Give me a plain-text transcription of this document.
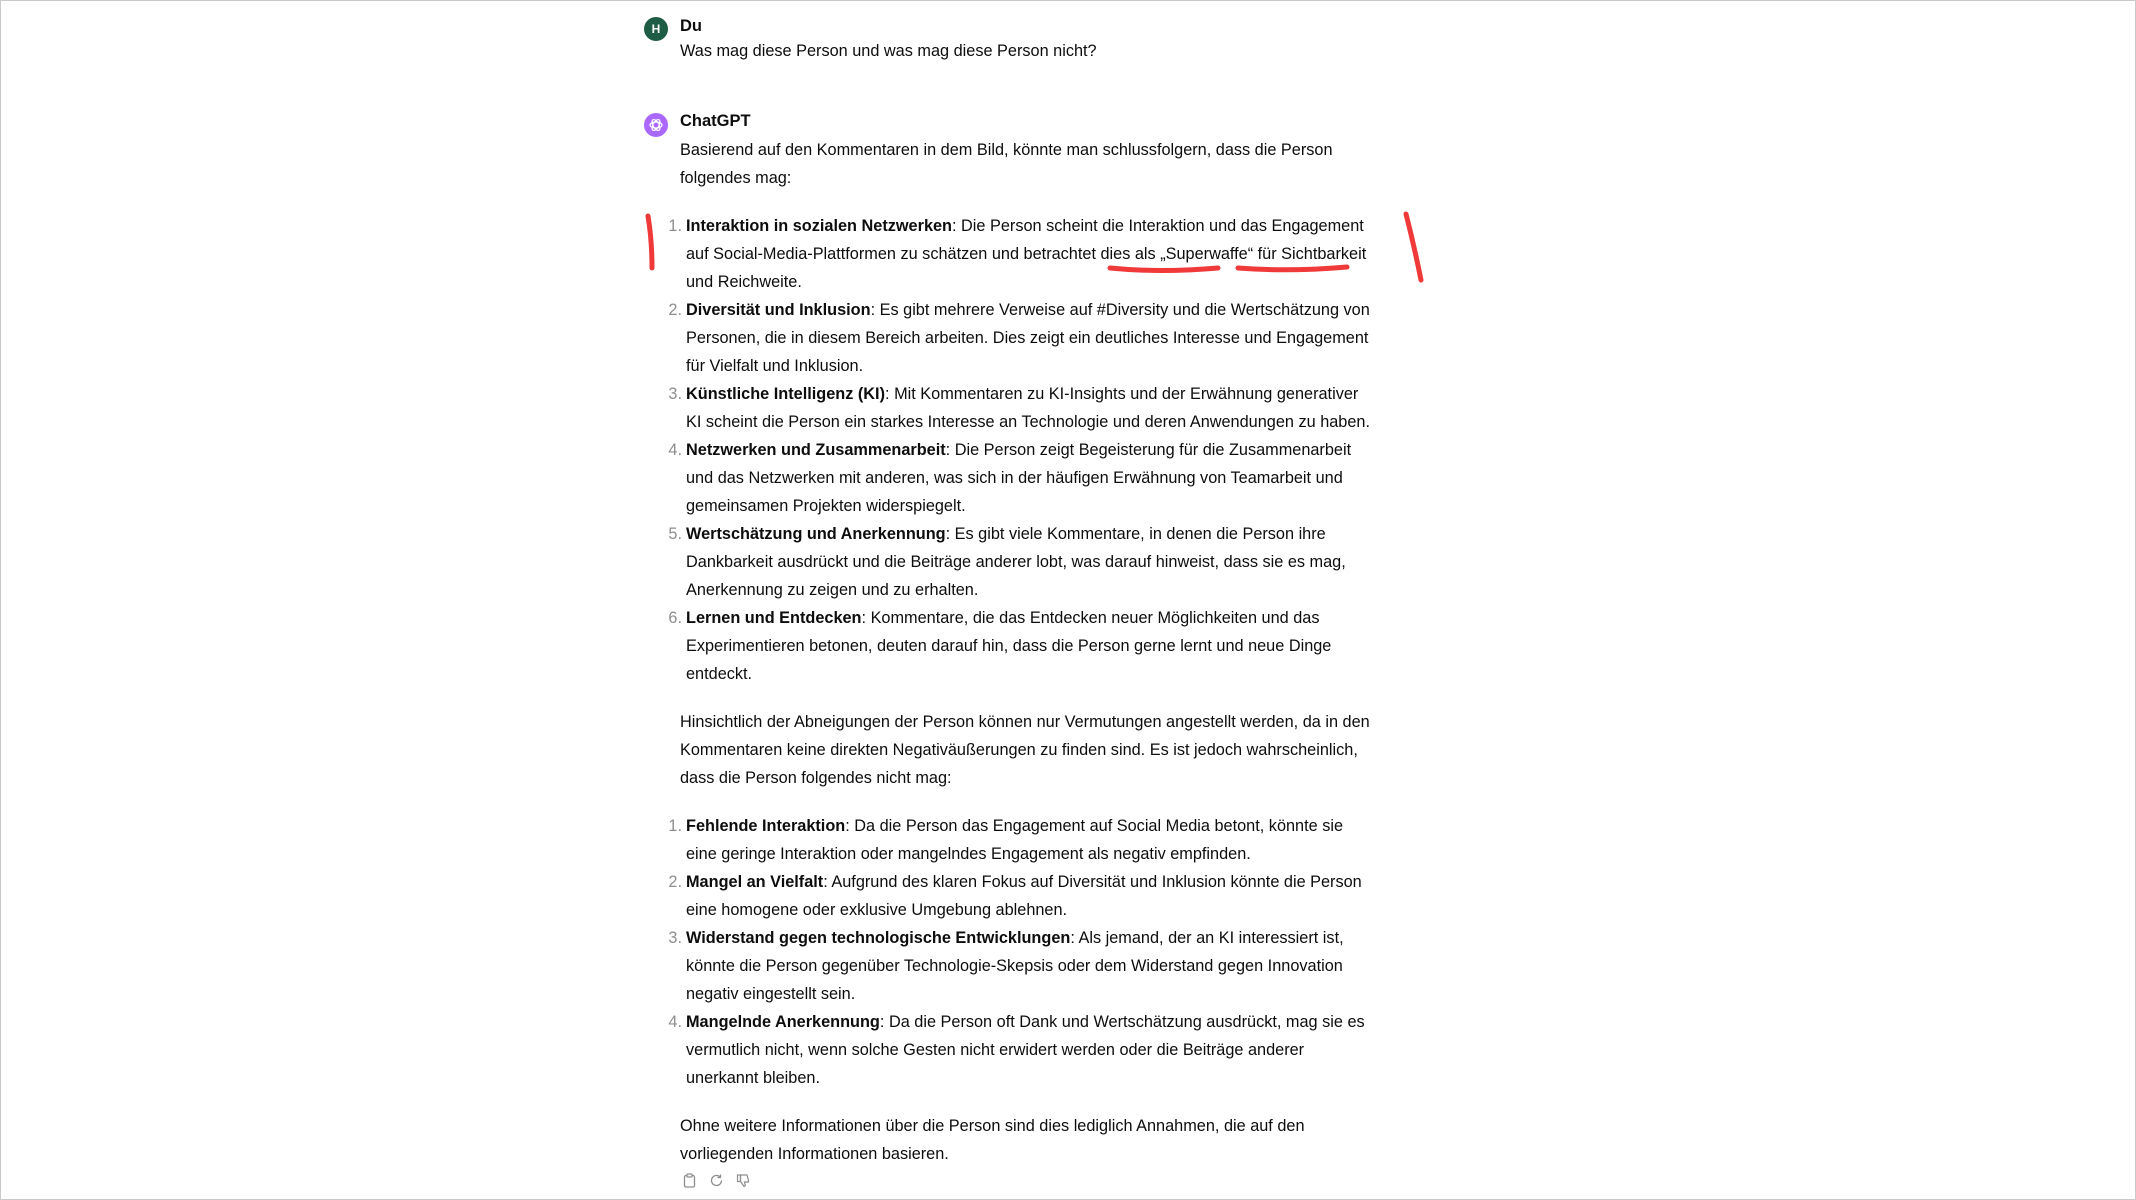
H Du

Was mag diese Person und was mag diese Person nicht?

ChatGPT

Basierend auf den Kommentaren in dem Bild, könnte man schlussfolgern, dass die Person folgendes mag:

1. Interaktion in sozialen Netzwerken: Die Person scheint die Interaktion und das Engagement auf Social-Media-Plattformen zu schätzen und betrachtet dies als „Superwaffe“ für Sichtbarkeit und Reichweite.
2. Diversität und Inklusion: Es gibt mehrere Verweise auf #Diversity und die Wertschätzung von Personen, die in diesem Bereich arbeiten. Dies zeigt ein deutliches Interesse und Engagement für Vielfalt und Inklusion.
3. Künstliche Intelligenz (KI): Mit Kommentaren zu KI-Insights und der Erwähnung generativer KI scheint die Person ein starkes Interesse an Technologie und deren Anwendungen zu haben.
4. Netzwerken und Zusammenarbeit: Die Person zeigt Begeisterung für die Zusammenarbeit und das Netzwerken mit anderen, was sich in der häufigen Erwähnung von Teamarbeit und gemeinsamen Projekten widerspiegelt.
5. Wertschätzung und Anerkennung: Es gibt viele Kommentare, in denen die Person ihre Dankbarkeit ausdrückt und die Beiträge anderer lobt, was darauf hinweist, dass sie es mag, Anerkennung zu zeigen und zu erhalten.
6. Lernen und Entdecken: Kommentare, die das Entdecken neuer Möglichkeiten und das Experimentieren betonen, deuten darauf hin, dass die Person gerne lernt und neue Dinge entdeckt.

Hinsichtlich der Abneigungen der Person können nur Vermutungen angestellt werden, da in den Kommentaren keine direkten Negativäußerungen zu finden sind. Es ist jedoch wahrscheinlich, dass die Person folgendes nicht mag:

1. Fehlende Interaktion: Da die Person das Engagement auf Social Media betont, könnte sie eine geringe Interaktion oder mangelndes Engagement als negativ empfinden.
2. Mangel an Vielfalt: Aufgrund des klaren Fokus auf Diversität und Inklusion könnte die Person eine homogene oder exklusive Umgebung ablehnen.
3. Widerstand gegen technologische Entwicklungen: Als jemand, der an KI interessiert ist, könnte die Person gegenüber Technologie-Skepsis oder dem Widerstand gegen Innovation negativ eingestellt sein.
4. Mangelnde Anerkennung: Da die Person oft Dank und Wertschätzung ausdrückt, mag sie es vermutlich nicht, wenn solche Gesten nicht erwidert werden oder die Beiträge anderer unerkannt bleiben.

Ohne weitere Informationen über die Person sind dies lediglich Annahmen, die auf den vorliegenden Informationen basieren.
